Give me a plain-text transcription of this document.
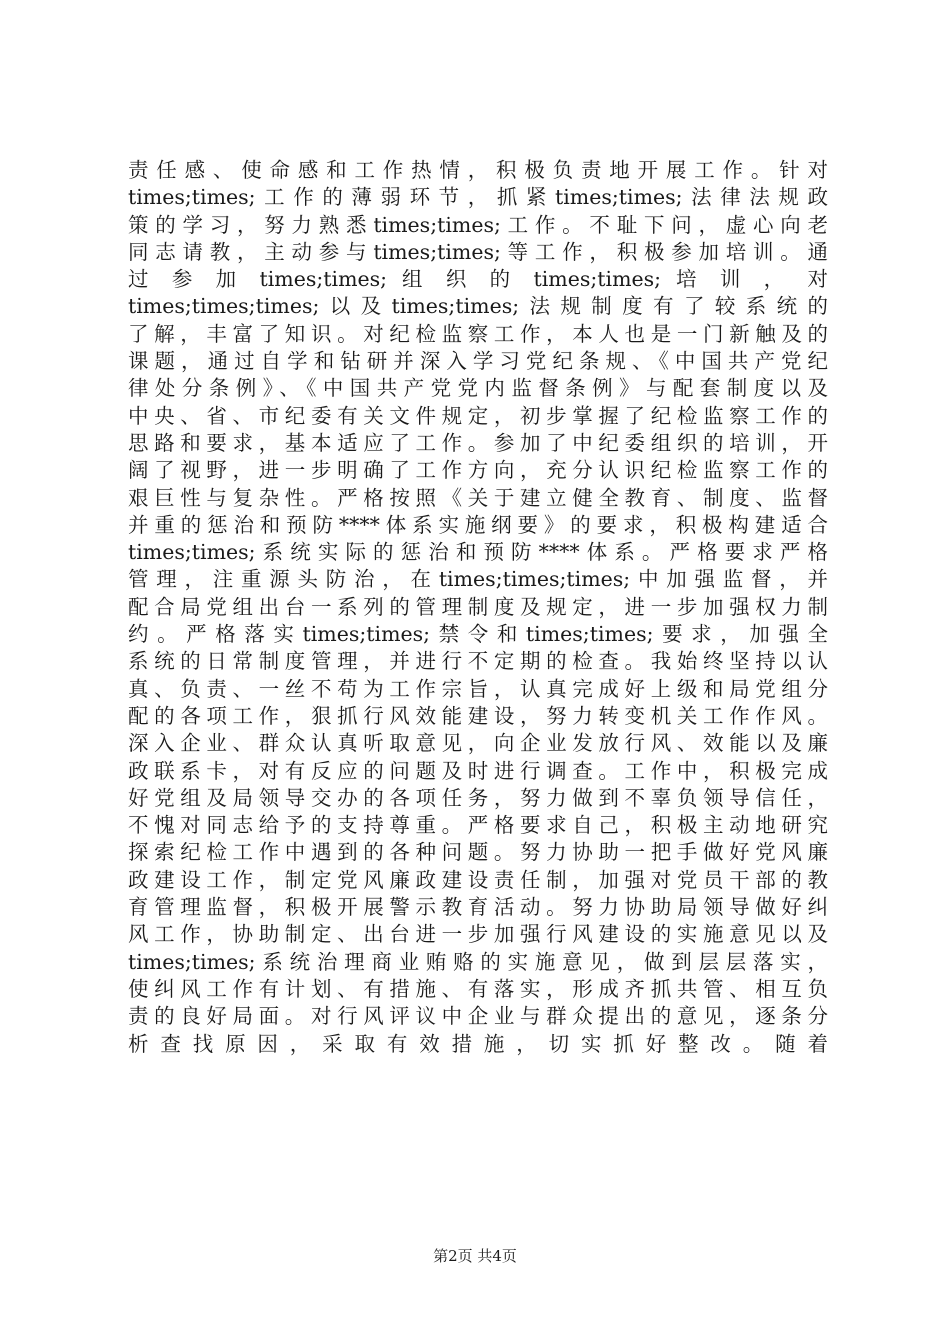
责任感、使命感和工作热情，积极负责地开展工作。针对
times;times;工作的薄弱环节，抓紧times;times;法律法规政
策的学习，努力熟悉times;times;工作。不耻下问，虚心向老
同志请教，主动参与times;times;等工作，积极参加培训。通
过 参 加 times;times; 组 织 的 times;times; 培 训 ， 对
times;times;times;以及times;times;法规制度有了较系统的
了解，丰富了知识。对纪检监察工作，本人也是一门新触及的
课题，通过自学和钻研并深入学习党纪条规、《中国共产党纪
律处分条例》、《中国共产党党内监督条例》与配套制度以及
中央、省、市纪委有关文件规定，初步掌握了纪检监察工作的
思路和要求，基本适应了工作。参加了中纪委组织的培训，开
阔了视野，进一步明确了工作方向，充分认识纪检监察工作的
艰巨性与复杂性。严格按照《关于建立健全教育、制度、监督
并重的惩治和预防****体系实施纲要》的要求，积极构建适合
times;times;系统实际的惩治和预防****体系。严格要求严格
管理，注重源头防治，在times;times;times;中加强监督，并
配合局党组出台一系列的管理制度及规定，进一步加强权力制
约。严格落实times;times;禁令和times;times;要求，加强全
系统的日常制度管理，并进行不定期的检查。我始终坚持以认
真、负责、一丝不苟为工作宗旨，认真完成好上级和局党组分
配的各项工作，狠抓行风效能建设，努力转变机关工作作风。
深入企业、群众认真听取意见，向企业发放行风、效能以及廉
政联系卡，对有反应的问题及时进行调查。工作中，积极完成
好党组及局领导交办的各项任务，努力做到不辜负领导信任，
不愧对同志给予的支持尊重。严格要求自己，积极主动地研究
探索纪检工作中遇到的各种问题。努力协助一把手做好党风廉
政建设工作，制定党风廉政建设责任制，加强对党员干部的教
育管理监督，积极开展警示教育活动。努力协助局领导做好纠
风工作，协助制定、出台进一步加强行风建设的实施意见以及
times;times;系统治理商业贿赂的实施意见，做到层层落实，
使纠风工作有计划、有措施、有落实，形成齐抓共管、相互负
责的良好局面。对行风评议中企业与群众提出的意见，逐条分
析 查 找 原 因 ， 采 取 有 效 措 施 ， 切 实 抓 好 整 改 。 随 着
第2页 共4页
